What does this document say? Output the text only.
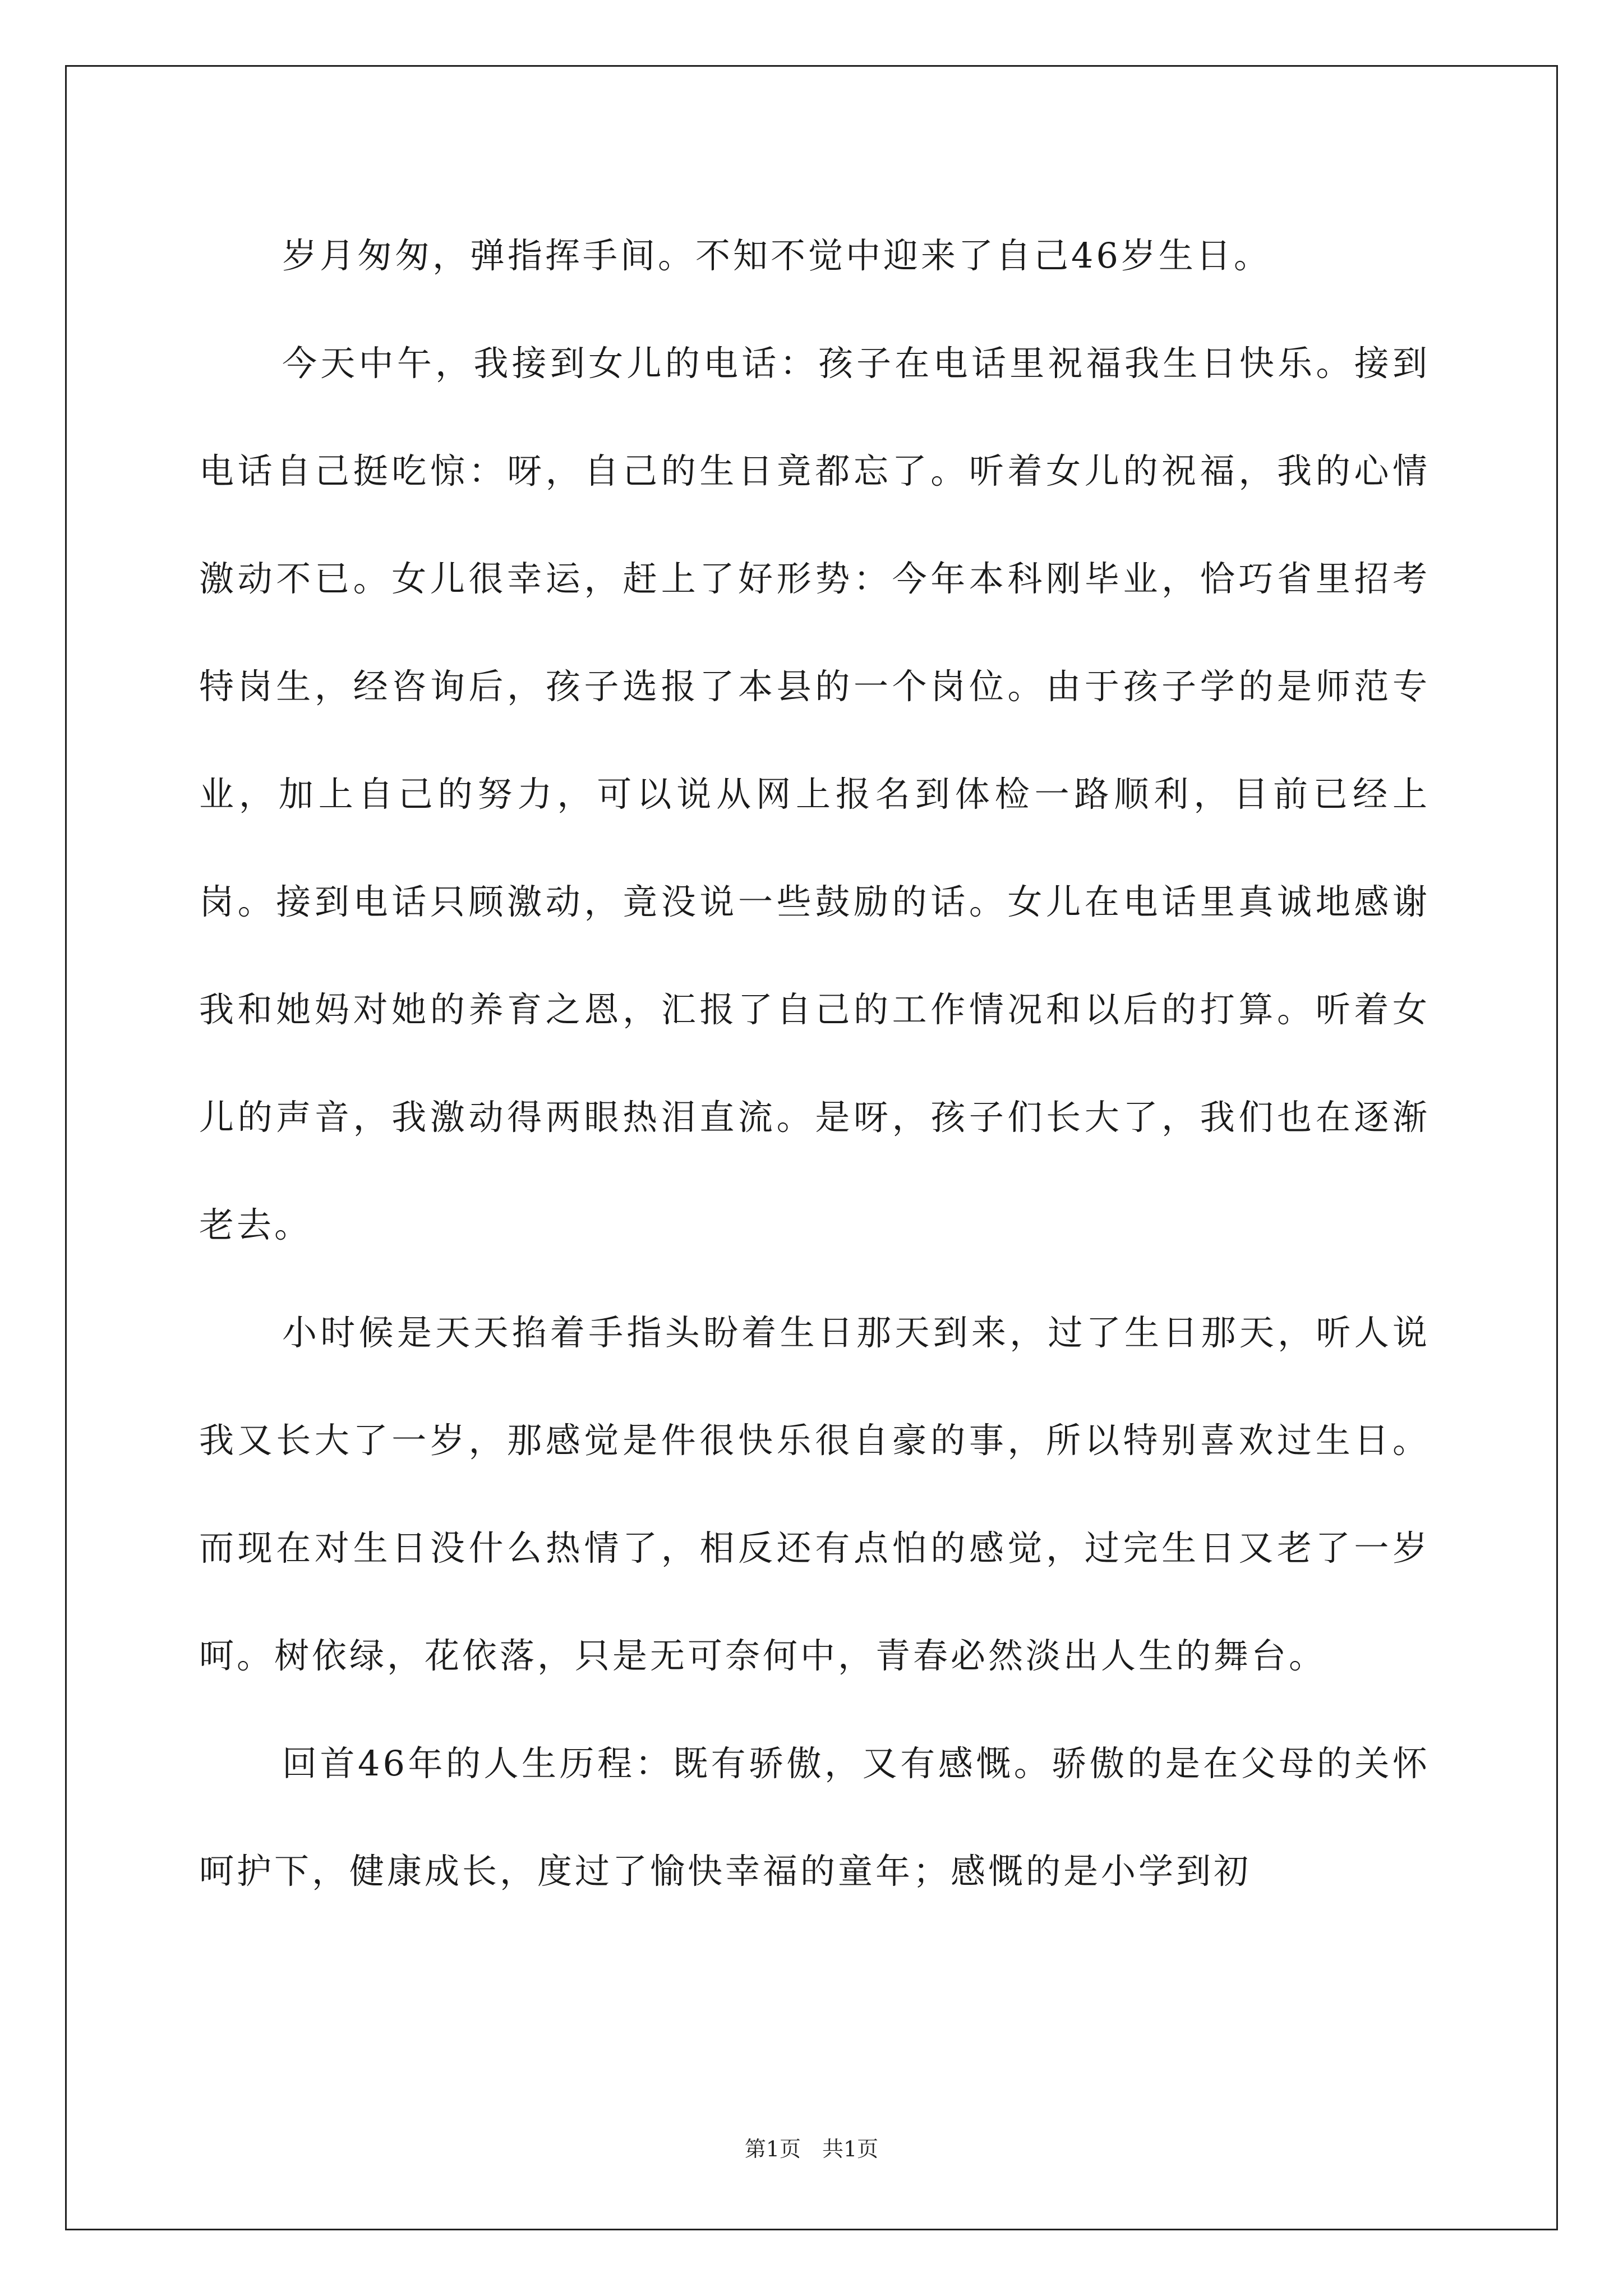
岁月匆匆，弹指挥手间。不知不觉中迎来了自己46岁生日。

今天中午，我接到女儿的电话：孩子在电话里祝福我生日快乐。接到电话自己挺吃惊：呀，自己的生日竟都忘了。听着女儿的祝福，我的心情激动不已。女儿很幸运，赶上了好形势：今年本科刚毕业，恰巧省里招考特岗生，经咨询后，孩子选报了本县的一个岗位。由于孩子学的是师范专业，加上自己的努力，可以说从网上报名到体检一路顺利，目前已经上岗。接到电话只顾激动，竟没说一些鼓励的话。女儿在电话里真诚地感谢我和她妈对她的养育之恩，汇报了自己的工作情况和以后的打算。听着女儿的声音，我激动得两眼热泪直流。是呀，孩子们长大了，我们也在逐渐老去。

小时候是天天掐着手指头盼着生日那天到来，过了生日那天，听人说我又长大了一岁，那感觉是件很快乐很自豪的事，所以特别喜欢过生日。而现在对生日没什么热情了，相反还有点怕的感觉，过完生日又老了一岁呵。树依绿，花依落，只是无可奈何中，青春必然淡出人生的舞台。

回首46年的人生历程：既有骄傲，又有感慨。骄傲的是在父母的关怀呵护下，健康成长，度过了愉快幸福的童年；感慨的是小学到初

第1页　共1页
